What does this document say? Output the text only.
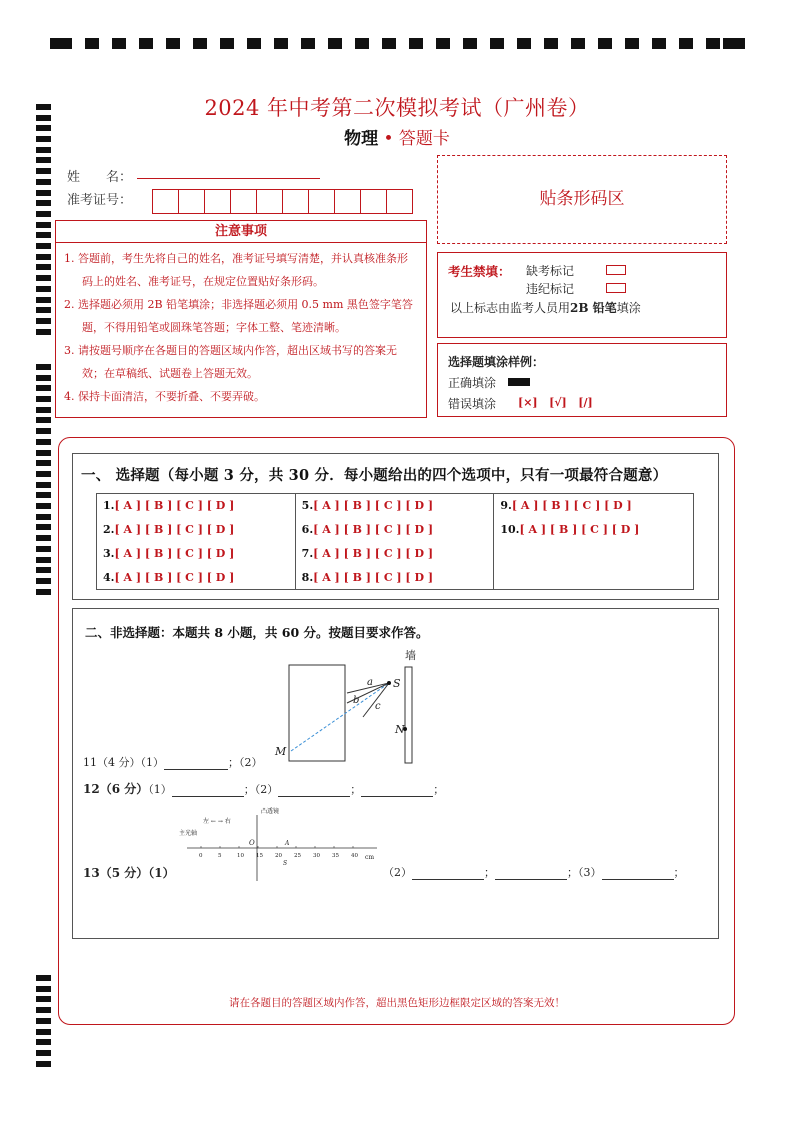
2024 年中考第二次模拟考试（广州卷）
物理 • 答题卡
姓　　名：
准考证号：	贴条形码区
注意事项
1. 答题前，考生先将自己的姓名，准考证号填写清楚，并认真核准条形码上的姓名、准考证号，在规定位置贴好条形码。
2. 选择题必须用 2B 铅笔填涂；非选择题必须用 0.5 mm 黑色签字笔答题，不得用铅笔或圆珠笔答题；字体工整、笔迹清晰。
3. 请按题号顺序在各题目的答题区域内作答，超出区域书写的答案无效；在草稿纸、试题卷上答题无效。
4. 保持卡面清洁，不要折叠、不要弄破。
考生禁填： 缺考标记
违纪标记
以上标志由监考人员用2B 铅笔填涂
选择题填涂样例：
正确填涂
错误填涂 [×]   [√]   [/]
一、 选择题（每小题 3 分，共 30 分．每小题给出的四个选项中，只有一项最符合题意）
1.[ A ] [ B ] [ C ] [ D ]
2.[ A ] [ B ] [ C ] [ D ]
3.[ A ] [ B ] [ C ] [ D ]
4.[ A ] [ B ] [ C ] [ D ]
5.[ A ] [ B ] [ C ] [ D ]
6.[ A ] [ B ] [ C ] [ D ]
7.[ A ] [ B ] [ C ] [ D ]
8.[ A ] [ B ] [ C ] [ D ]
9.[ A ] [ B ] [ C ] [ D ]
10.[ A ] [ B ] [ C ] [ D ]
二、非选择题：本题共 8 小题，共 60 分。按题目要求作答。
墙
S
a
b
c
N
M
11（4 分）（1）	；（2）
12（6 分）（1）	；（2）	；	；
0	5	10 15 20 25 30 35 40
凸透镜
左 ← → 右
主光轴
O	A
S
cm
13（5 分）（1）	（2）	；	；（3）	；
请在各题目的答题区域内作答，超出黑色矩形边框限定区域的答案无效！
